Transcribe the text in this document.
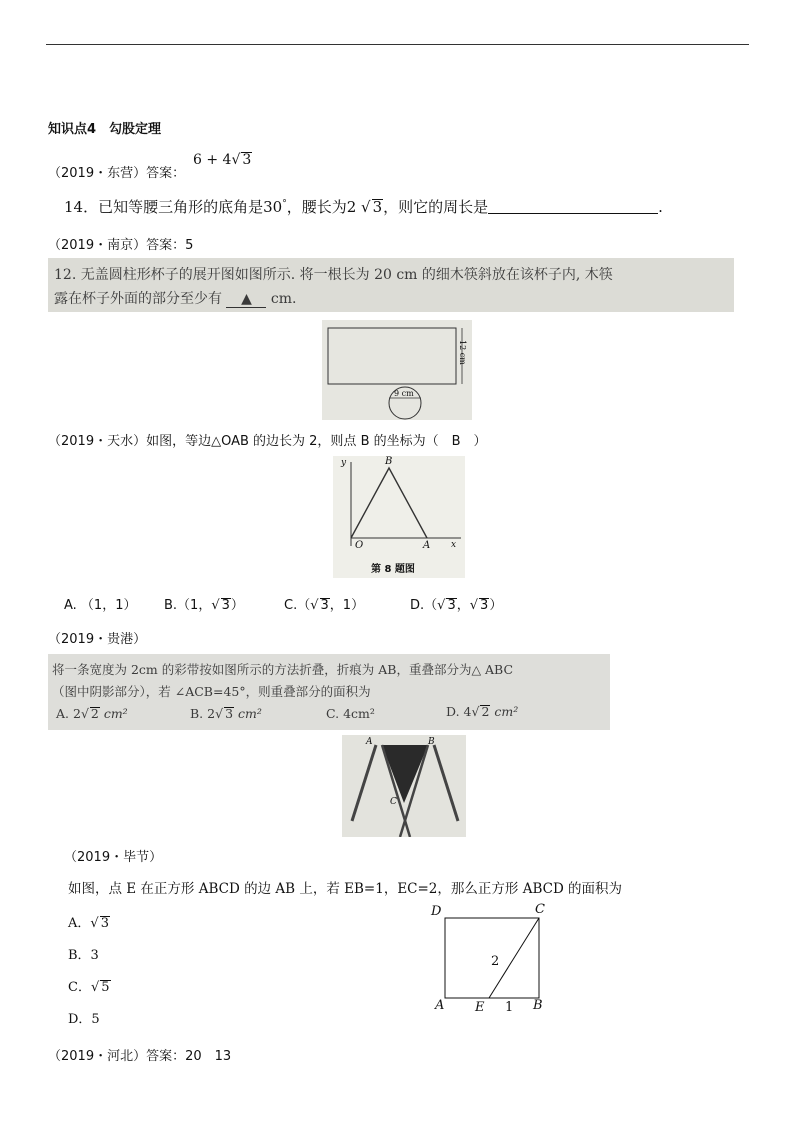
知识点4　勾股定理
（2019・东营）答案：
6 + 4√ 3
14．已知等腰三角形的底角是30°，腰长为2 √ 3，则它的周长是	.
（2019・南京）答案：5
12. 无盖圆柱形杯子的展开图如图所示. 将一根长为 20 cm 的细木筷斜放在该杯子内, 木筷
露在杯子外面的部分至少有 ▲ cm.
12 cm
9 cm
（2019・天水）如图，等边△OAB 的边长为 2，则点 B 的坐标为（　B　）
y
x
O	A
B
第 8 题图
A. （1，1） B.（1，√ 3）	C.（√ 3，1）	D.（√ 3，√ 3）
（2019・贵港）
将一条宽度为 2cm 的彩带按如图所示的方法折叠，折痕为 AB，重叠部分为△ ABC
（图中阴影部分），若 ∠ACB=45°，则重叠部分的面积为
A. 2√ 2 cm²	B. 2√ 3 cm²	C. 4cm²	D. 4√ 2 cm²
A	B
C
（2019・毕节）
如图，点 E 在正方形 ABCD 的边 AB 上，若 EB=1，EC=2，那么正方形 ABCD 的面积为
A．√ 3
B．3
C．√ 5
D．5
D	C
A E 1 B
2
（2019・河北）答案：20　13
